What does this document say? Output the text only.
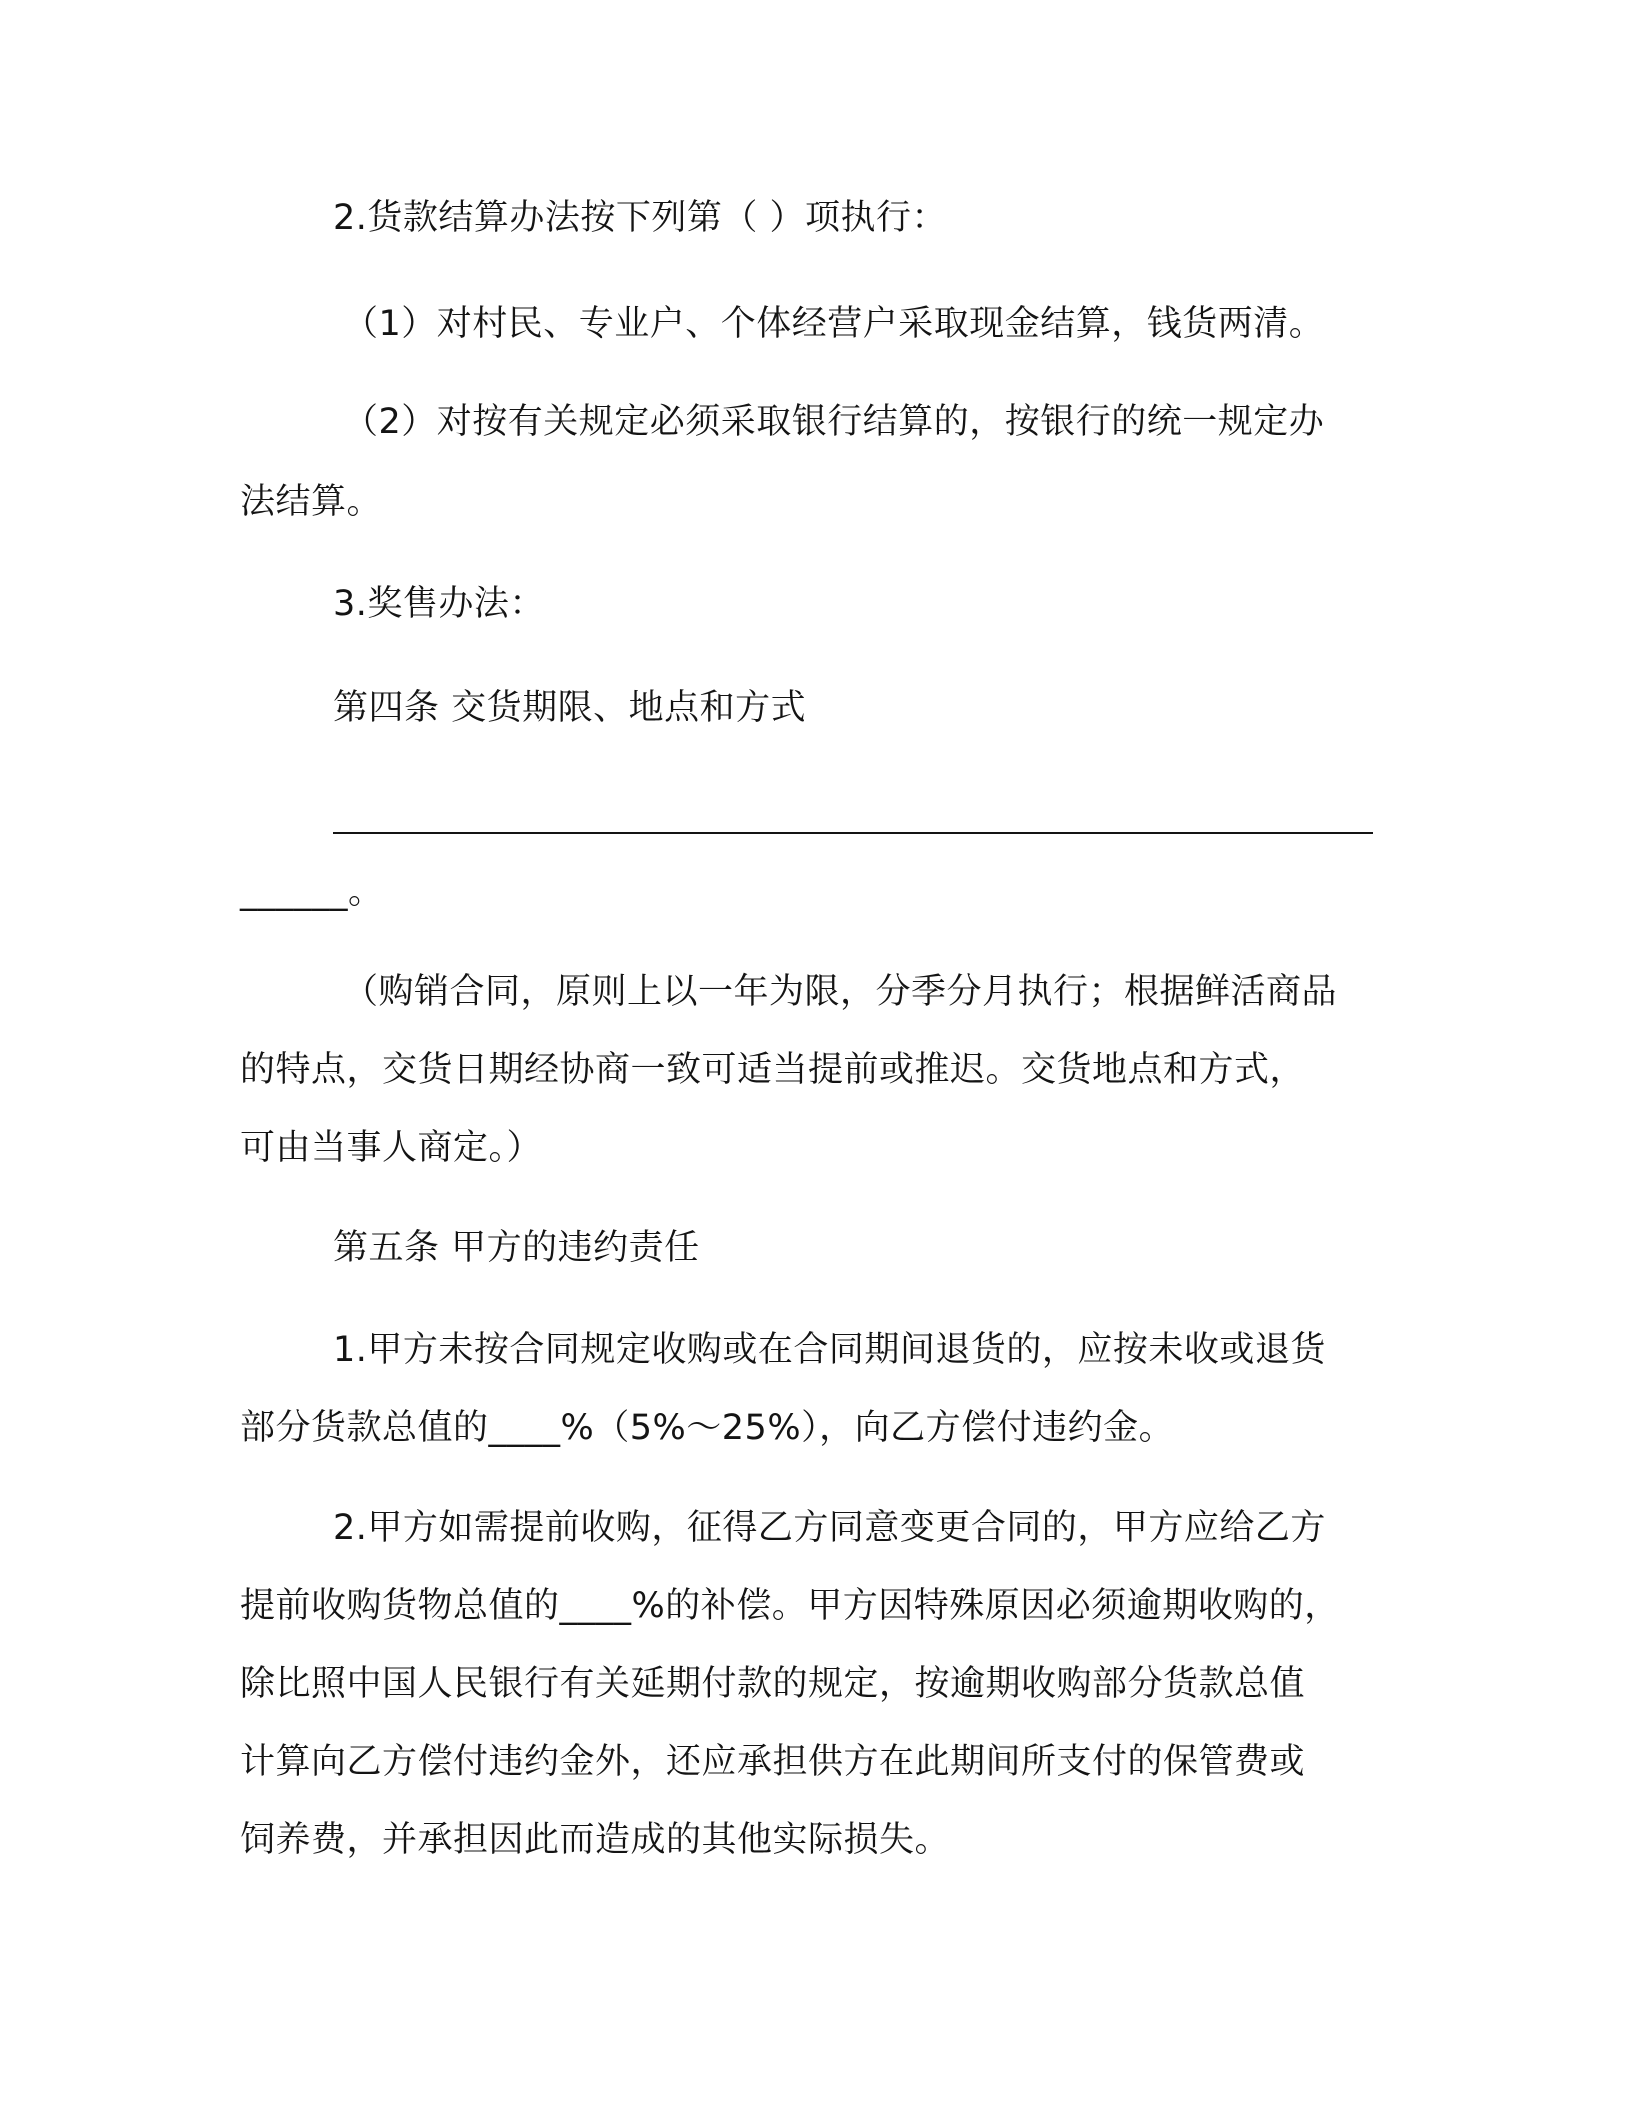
2.货款结算办法按下列第（ ）项执行：
（1）对村民、专业户、个体经营户采取现金结算，钱货两清。
（2）对按有关规定必须采取银行结算的，按银行的统一规定办
法结算。
3.奖售办法：
第四条 交货期限、地点和方式
______。
（购销合同，原则上以一年为限，分季分月执行；根据鲜活商品
的特点，交货日期经协商一致可适当提前或推迟。交货地点和方式，
可由当事人商定。）
第五条 甲方的违约责任
1.甲方未按合同规定收购或在合同期间退货的，应按未收或退货
部分货款总值的____%（5%～25%），向乙方偿付违约金。
2.甲方如需提前收购，征得乙方同意变更合同的，甲方应给乙方
提前收购货物总值的____%的补偿。甲方因特殊原因必须逾期收购的，
除比照中国人民银行有关延期付款的规定，按逾期收购部分货款总值
计算向乙方偿付违约金外，还应承担供方在此期间所支付的保管费或
饲养费，并承担因此而造成的其他实际损失。
